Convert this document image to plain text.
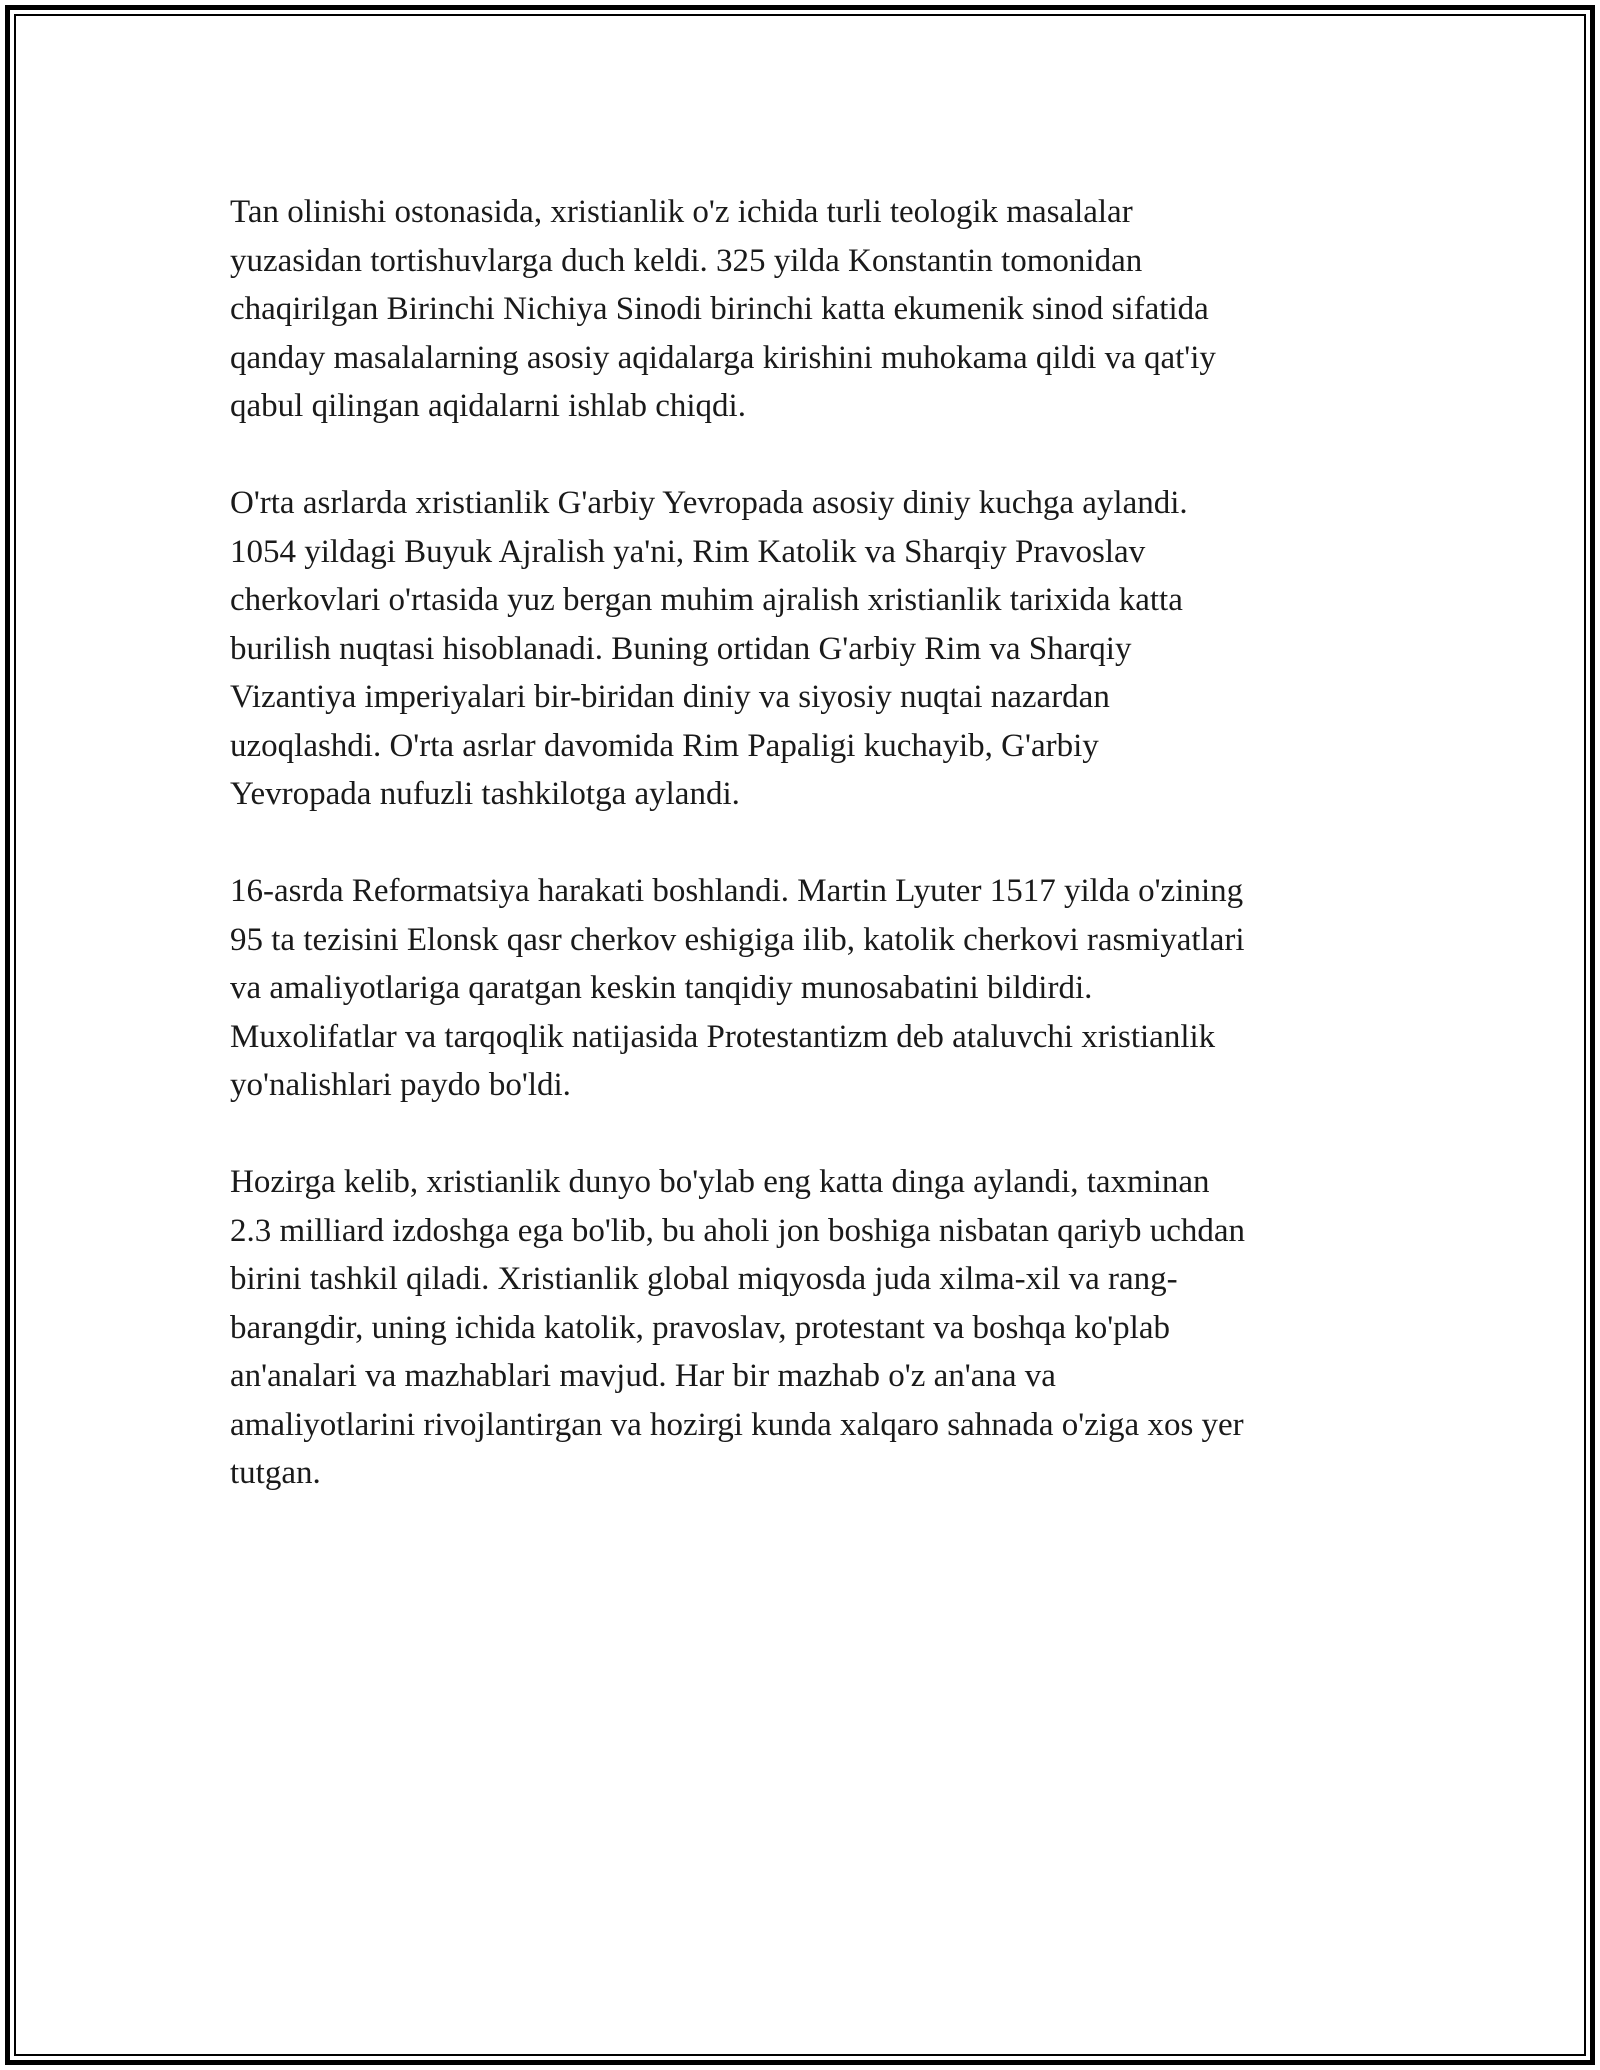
Tan olinishi ostonasida, xristianlik o'z ichida turli teologik masalalar
yuzasidan tortishuvlarga duch keldi. 325 yilda Konstantin tomonidan
chaqirilgan Birinchi Nichiya Sinodi birinchi katta ekumenik sinod sifatida
qanday masalalarning asosiy aqidalarga kirishini muhokama qildi va qat'iy
qabul qilingan aqidalarni ishlab chiqdi.

O'rta asrlarda xristianlik G'arbiy Yevropada asosiy diniy kuchga aylandi.
1054 yildagi Buyuk Ajralish ya'ni, Rim Katolik va Sharqiy Pravoslav
cherkovlari o'rtasida yuz bergan muhim ajralish xristianlik tarixida katta
burilish nuqtasi hisoblanadi. Buning ortidan G'arbiy Rim va Sharqiy
Vizantiya imperiyalari bir-biridan diniy va siyosiy nuqtai nazardan
uzoqlashdi. O'rta asrlar davomida Rim Papaligi kuchayib, G'arbiy
Yevropada nufuzli tashkilotga aylandi.

16-asrda Reformatsiya harakati boshlandi. Martin Lyuter 1517 yilda o'zining
95 ta tezisini Elonsk qasr cherkov eshigiga ilib, katolik cherkovi rasmiyatlari
va amaliyotlariga qaratgan keskin tanqidiy munosabatini bildirdi.
Muxolifatlar va tarqoqlik natijasida Protestantizm deb ataluvchi xristianlik
yo'nalishlari paydo bo'ldi.

Hozirga kelib, xristianlik dunyo bo'ylab eng katta dinga aylandi, taxminan
2.3 milliard izdoshga ega bo'lib, bu aholi jon boshiga nisbatan qariyb uchdan
birini tashkil qiladi. Xristianlik global miqyosda juda xilma-xil va rang-
barangdir, uning ichida katolik, pravoslav, protestant va boshqa ko'plab
an'analari va mazhablari mavjud. Har bir mazhab o'z an'ana va
amaliyotlarini rivojlantirgan va hozirgi kunda xalqaro sahnada o'ziga xos yer
tutgan.
